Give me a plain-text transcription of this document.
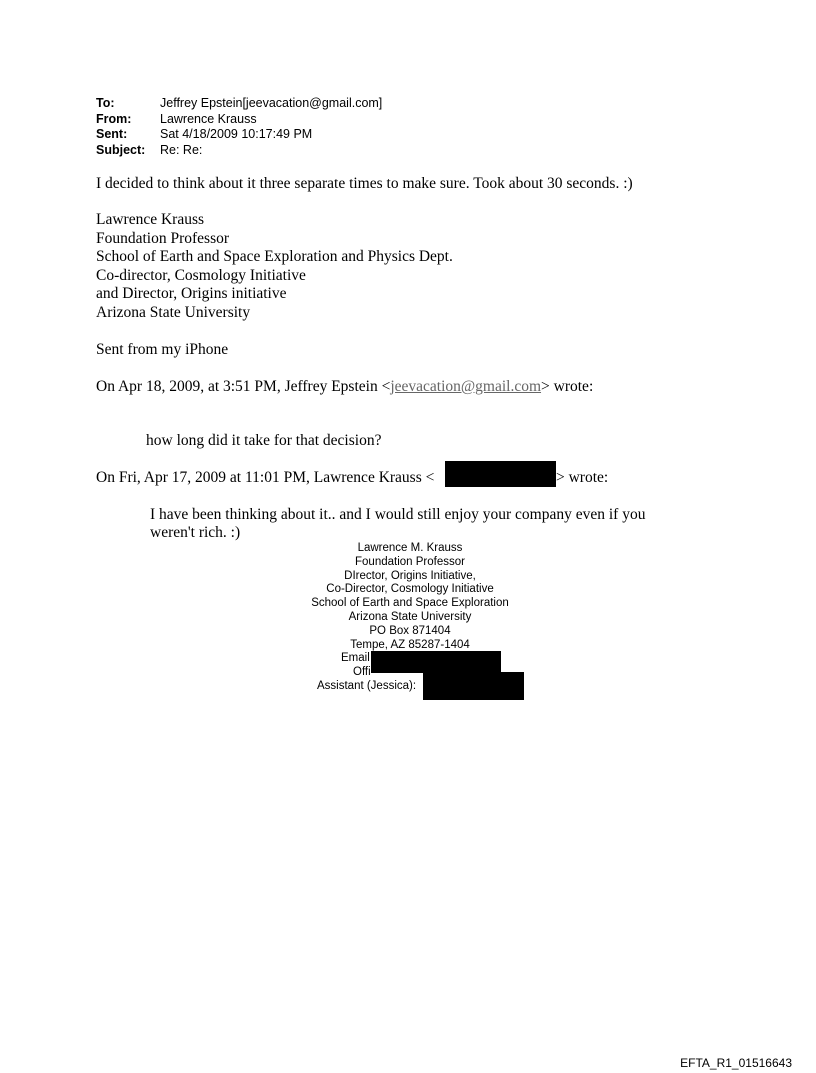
To:	Jeffrey Epstein[jeevacation@gmail.com]
From:	Lawrence Krauss
Sent:	Sat 4/18/2009 10:17:49 PM
Subject:	Re: Re:
I decided to think about it three separate times to make sure. Took about 30 seconds. :)
Lawrence Krauss
Foundation Professor
School of Earth and Space Exploration and Physics Dept.
Co-director, Cosmology Initiative
and Director, Origins initiative
Arizona State University
Sent from my iPhone
On Apr 18, 2009, at 3:51 PM, Jeffrey Epstein <jeevacation@gmail.com> wrote:
how long did it take for that decision?
On Fri, Apr 17, 2009 at 11:01 PM, Lawrence Krauss <	> wrote:
I have been thinking about it.. and I would still enjoy your company even if you
weren't rich. :)
Lawrence M. Krauss
Foundation Professor
DIrector, Origins Initiative,
Co-Director, Cosmology Initiative
School of Earth and Space Exploration
Arizona State University
PO Box 871404
Tempe, AZ 85287-1404
Email
Offi
Assistant (Jessica):
EFTA_R1_01516643
